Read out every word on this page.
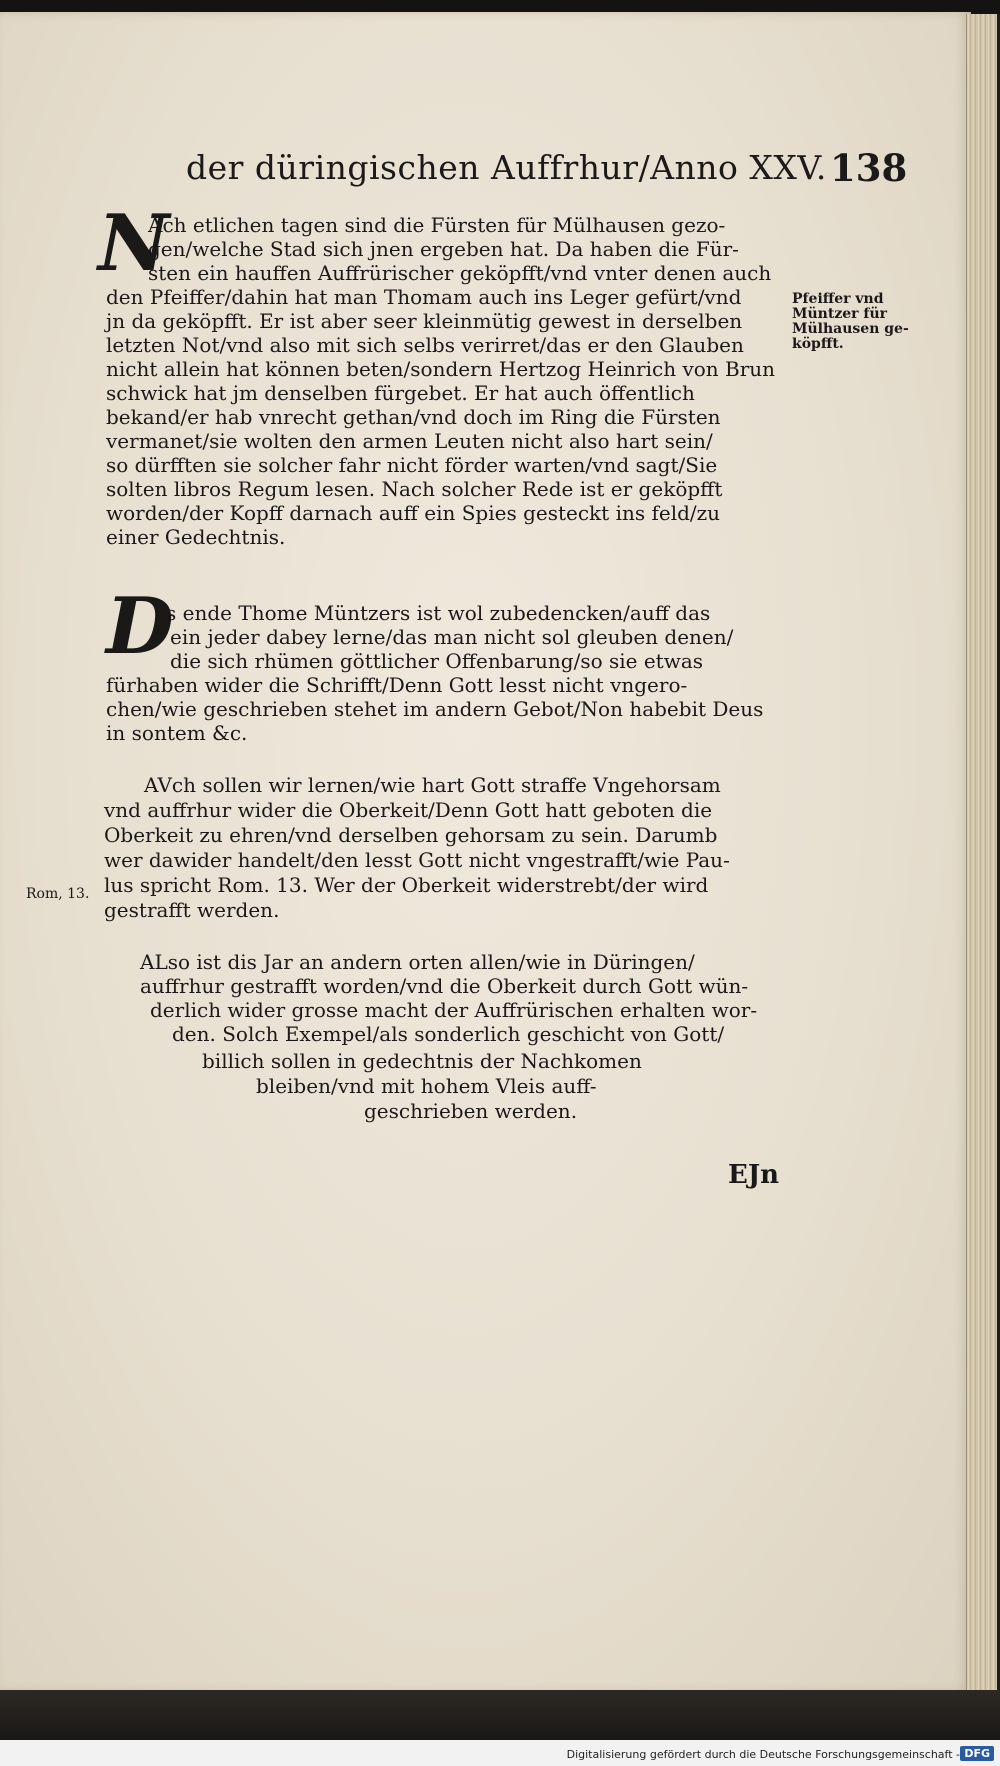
der düringischen Auffrhur/Anno XXV. 138
N
Ach etlichen tagen sind die Fürsten für Mülhausen gezo-
gen/welche Stad sich jnen ergeben hat. Da haben die Für-
sten ein hauffen Auffrürischer geköpfft/vnd vnter denen auch
den Pfeiffer/dahin hat man Thomam auch ins Leger gefürt/vnd
jn da geköpfft. Er ist aber seer kleinmütig gewest in derselben
letzten Not/vnd also mit sich selbs verirret/das er den Glauben
nicht allein hat können beten/sondern Hertzog Heinrich von Brun
schwick hat jm denselben fürgebet. Er hat auch öffentlich
bekand/er hab vnrecht gethan/vnd doch im Ring die Fürsten
vermanet/sie wolten den armen Leuten nicht also hart sein/
so dürfften sie solcher fahr nicht förder warten/vnd sagt/Sie
solten libros Regum lesen. Nach solcher Rede ist er geköpfft
worden/der Kopff darnach auff ein Spies gesteckt ins feld/zu
einer Gedechtnis.
D
Js ende Thome Müntzers ist wol zubedencken/auff das
ein jeder dabey lerne/das man nicht sol gleuben denen/
die sich rhümen göttlicher Offenbarung/so sie etwas
fürhaben wider die Schrifft/Denn Gott lesst nicht vngero-
chen/wie geschrieben stehet im andern Gebot/Non habebit Deus
in sontem &c.
AVch sollen wir lernen/wie hart Gott straffe Vngehorsam
vnd auffrhur wider die Oberkeit/Denn Gott hatt geboten die
Oberkeit zu ehren/vnd derselben gehorsam zu sein. Darumb
wer dawider handelt/den lesst Gott nicht vngestrafft/wie Pau-
lus spricht Rom. 13. Wer der Oberkeit widerstrebt/der wird
gestrafft werden.
ALso ist dis Jar an andern orten allen/wie in Düringen/
auffrhur gestrafft worden/vnd die Oberkeit durch Gott wün-
derlich wider grosse macht der Auffrürischen erhalten wor-
den. Solch Exempel/als sonderlich geschicht von Gott/
billich sollen in gedechtnis der Nachkomen
bleiben/vnd mit hohem Vleis auff-
geschrieben werden.
Pfeiffer vnd
Müntzer für
Mülhausen ge-
köpfft.
Rom, 13.
EJn
Digitalisierung gefördert durch die Deutsche Forschungsgemeinschaft - DFG
